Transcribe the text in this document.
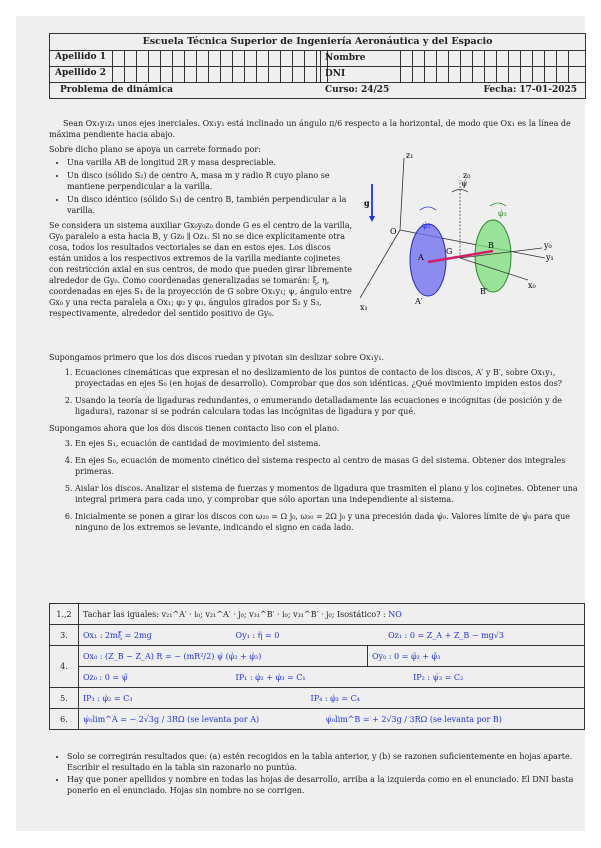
Escuela Técnica Superior de Ingeniería Aeronáutica y del Espacio
Apellido 1	Nombre
Apellido 2	DNI
Problema de dinámica	Curso: 24/25	Fecha: 17-01-2025

Sean Ox₁y₁z₁ unos ejes inerciales. Ox₁y₁ está inclinado un ángulo π/6 respecto a la horizontal, de modo que Ox₁ es la línea de máxima pendiente hacia abajo.

Sobre dicho plano se apoya un carrete formado por:

• Una varilla AB de longitud 2R y masa despreciable.
• Un disco (sólido S₂) de centro A, masa m y radio R cuyo plano se mantiene perpendicular a la varilla.
• Un disco idéntico (sólido S₃) de centro B, también perpendicular a la varilla.

Se considera un sistema auxiliar Gx₀y₀z₀ donde G es el centro de la varilla, Gy₀ paralelo a esta hacia B, y Gz₀ ∥ Oz₁. Si no se dice explícitamente otra cosa, todos los resultados vectoriales se dan en estos ejes. Los discos están unidos a los respectivos extremos de la varilla mediante cojinetes con restricción axial en sus centros, de modo que pueden girar libremente alrededor de Gy₀. Como coordenadas generalizadas se tomarán: ξ, η, coordenadas en ejes S₁ de la proyección de G sobre Ox₁y₁; ψ, ángulo entre Gx₀ y una recta paralela a Ox₁; φ₂ y φ₃, ángulos girados por S₂ y S₃, respectivamente, alrededor del sentido positivo de Gy₀.

z₁
z₀
g
ψ̇
φ̇₂
φ̇₃
O
A
G
B
A′
B′
x₁
x₀
y₀
y₁

Supongamos primero que los dos discos ruedan y pivotan sin deslizar sobre Ox₁y₁.

1. Ecuaciones cinemáticas que expresan el no deslizamiento de los puntos de contacto de los discos, A′ y B′, sobre Ox₁y₁, proyectadas en ejes S₀ (en hojas de desarrollo). Comprobar que dos son idénticas. ¿Qué movimiento impiden estos dos?
2. Usando la teoría de ligaduras redundantes, o enumerando detalladamente las ecuaciones e incógnitas (de posición y de ligadura), razonar si se podrán calculara todas las incógnitas de ligadura y por qué.

Supongamos ahora que los dos discos tienen contacto liso con el plano.

3. En ejes S₁, ecuación de cantidad de movimiento del sistema.
4. En ejes S₀, ecuación de momento cinético del sistema respecto al centro de masas G del sistema. Obtener dos integrales primeras.
5. Aislar los discos. Analizar el sistema de fuerzas y momentos de ligadura que trasmiten el plano y los cojinetes. Obtener una integral primera para cada uno, y comprobar que sólo aportan una independiente al sistema.
6. Inicialmente se ponen a girar los discos con ω₂₀ = Ω j₀, ω₃₀ = 2Ω j₀ y una precesión dada ψ̇₀. Valores límite de ψ̇₀ para que ninguno de los extremos se levante, indicando el signo en cada lado.
1.,2	Tachar las iguales: v₂₁^A′ · i₀; v₂₁^A′ · j₀; v₃₁^B′ · i₀; v₃₁^B′ · j₀; Isostático? : NO	
3.	Ox₁ : 2mξ̈ = 2mg Oy₁ : η̈ = 0 Oz₁ : 0 = Z_A + Z_B − mg√3	
4.	Ox₀ : (Z_B − Z_A) R = − (mR²/2) ψ̇ (φ̇₂ + φ̇₃)	Oy₀ : 0 = φ̈₂ + φ̈₃
	Oz₀ : 0 = ψ̈ IP₁ : φ̇₂ + φ̇₃ = C₁ IP₂ : ψ̇₃ = C₂	
5.	IP₃ : φ̇₂ = C₃ IP₄ : φ̇₃ = C₄	
6.	ψ̇₀lim^A = − 2√3g / 3RΩ (se levanta por A) ψ̇₀lim^B = + 2√3g / 3RΩ (se levanta por B)	
• Solo se corregirán resultados que: (a) estén recogidos en la tabla anterior, y (b) se razonen suficientemente en hojas aparte. Escribir el resultado en la tabla sin razonarlo no puntúa.
• Hay que poner apellidos y nombre en todas las hojas de desarrollo, arriba a la izquierda como en el enunciado. El DNI basta ponerlo en el enunciado. Hojas sin nombre no se corrigen.
